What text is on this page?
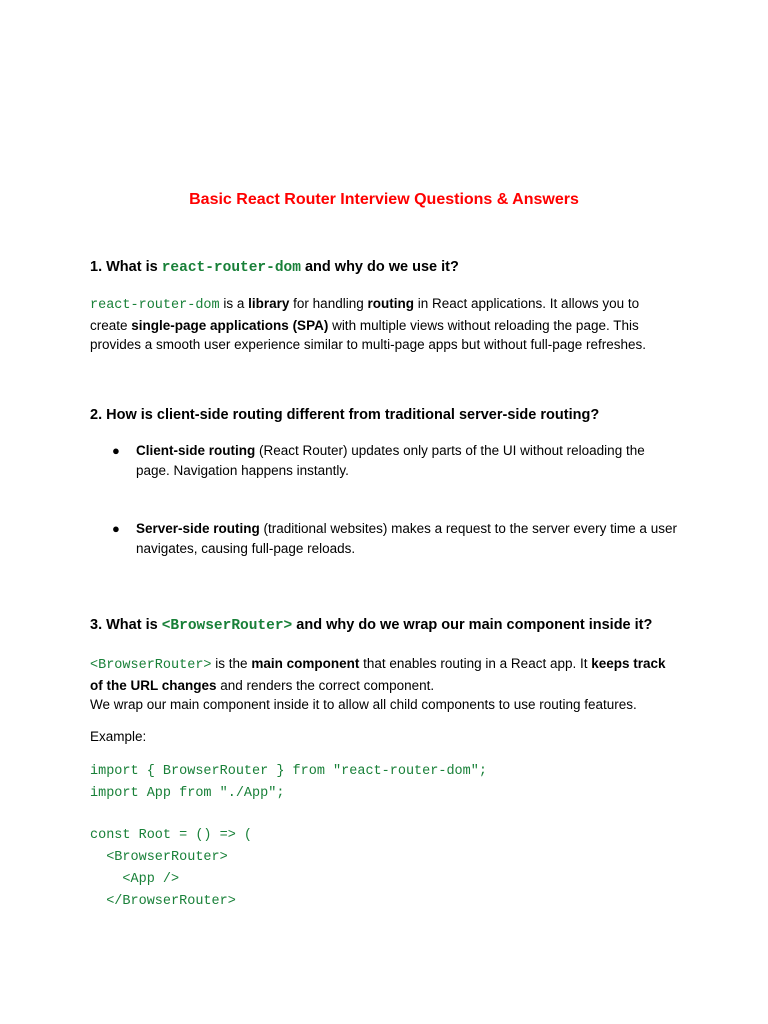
Basic React Router Interview Questions & Answers
1. What is react-router-dom and why do we use it?

react-router-dom is a library for handling routing in React applications. It allows you to create single-page applications (SPA) with multiple views without reloading the page. This provides a smooth user experience similar to multi-page apps but without full-page refreshes.

2. How is client-side routing different from traditional server-side routing?
● Client-side routing (React Router) updates only parts of the UI without reloading the page. Navigation happens instantly.
● Server-side routing (traditional websites) makes a request to the server every time a user navigates, causing full-page reloads.
3. What is <BrowserRouter> and why do we wrap our main component inside it?

<BrowserRouter> is the main component that enables routing in a React app. It keeps track of the URL changes and renders the correct component.
We wrap our main component inside it to allow all child components to use routing features.

Example:

import { BrowserRouter } from "react-router-dom";
import App from "./App";
const Root = () => (
<BrowserRouter>
<App />
</BrowserRouter>
